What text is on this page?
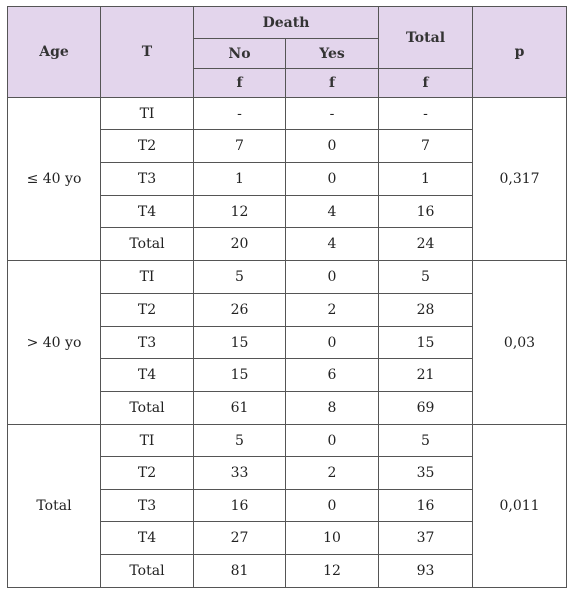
Age	T	Death		Total	p
		No	Yes		
		f	f	f	
≤ 40 yo	TI	-	-	-	0,317
	T2	7	0	7	
	T3	1	0	1	
	T4	12	4	16	
	Total	20	4	24	
> 40 yo	TI	5	0	5	0,03
	T2	26	2	28	
	T3	15	0	15	
	T4	15	6	21	
	Total	61	8	69	
Total	TI	5	0	5	0,011
	T2	33	2	35	
	T3	16	0	16	
	T4	27	10	37	
	Total	81	12	93	
